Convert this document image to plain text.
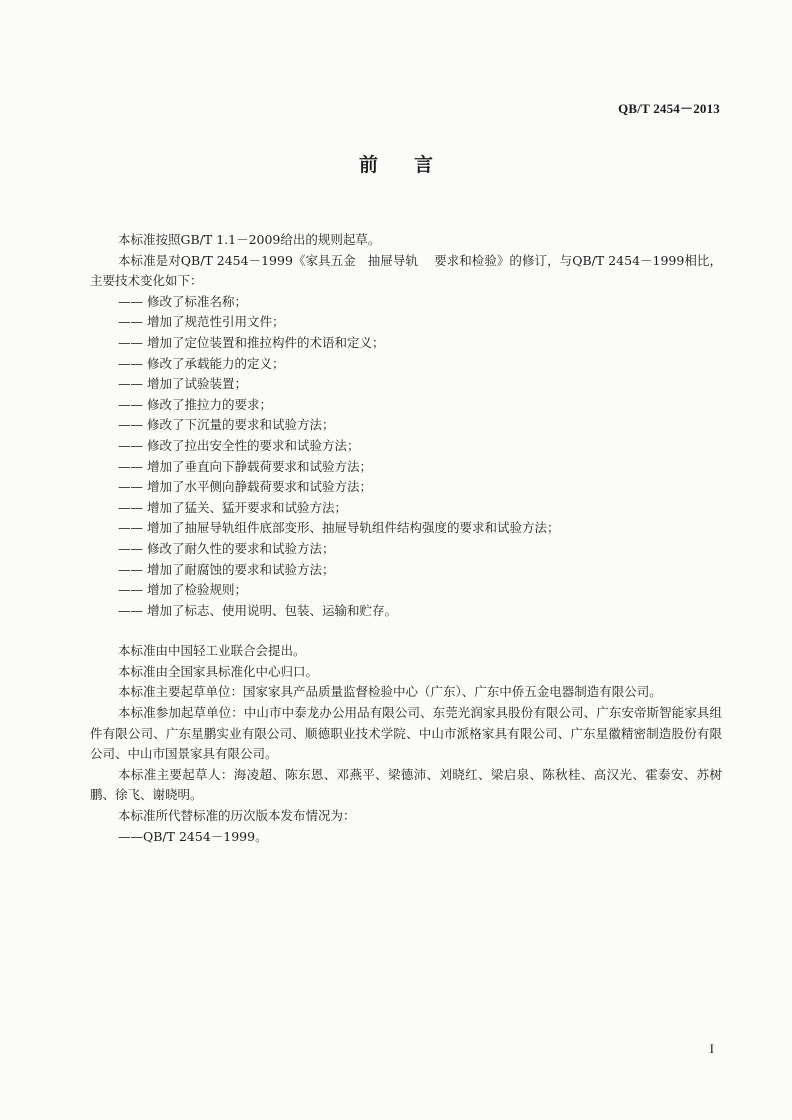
QB/T 2454－2013
前 言

本标准按照GB/T 1.1－2009给出的规则起草。

本标准是对QB/T 2454－1999《家具五金   抽屉导轨    要求和检验》的修订，与QB/T 2454－1999相比，主要技术变化如下：

—— 修改了标准名称；

—— 增加了规范性引用文件；

—— 增加了定位装置和推拉构件的术语和定义；

—— 修改了承载能力的定义；

—— 增加了试验装置；

—— 修改了推拉力的要求；

—— 修改了下沉量的要求和试验方法；

—— 修改了拉出安全性的要求和试验方法；

—— 增加了垂直向下静载荷要求和试验方法；

—— 增加了水平侧向静载荷要求和试验方法；

—— 增加了猛关、猛开要求和试验方法；

—— 增加了抽屉导轨组件底部变形、抽屉导轨组件结构强度的要求和试验方法；

—— 修改了耐久性的要求和试验方法；

—— 增加了耐腐蚀的要求和试验方法；

—— 增加了检验规则；

—— 增加了标志、使用说明、包装、运输和贮存。

本标准由中国轻工业联合会提出。

本标准由全国家具标准化中心归口。

本标准主要起草单位：国家家具产品质量监督检验中心（广东）、广东中侨五金电器制造有限公司。

本标准参加起草单位：中山市中泰龙办公用品有限公司、东莞光润家具股份有限公司、广东安帝斯智能家具组件有限公司、广东星鹏实业有限公司、顺德职业技术学院、中山市派格家具有限公司、广东星徽精密制造股份有限公司、中山市国景家具有限公司。

本标准主要起草人：海凌超、陈东恩、邓燕平、梁德沛、刘晓红、梁启泉、陈秋桂、高汉光、霍泰安、苏树鹏、徐飞、谢晓明。

本标准所代替标准的历次版本发布情况为：

——QB/T 2454－1999。

I
